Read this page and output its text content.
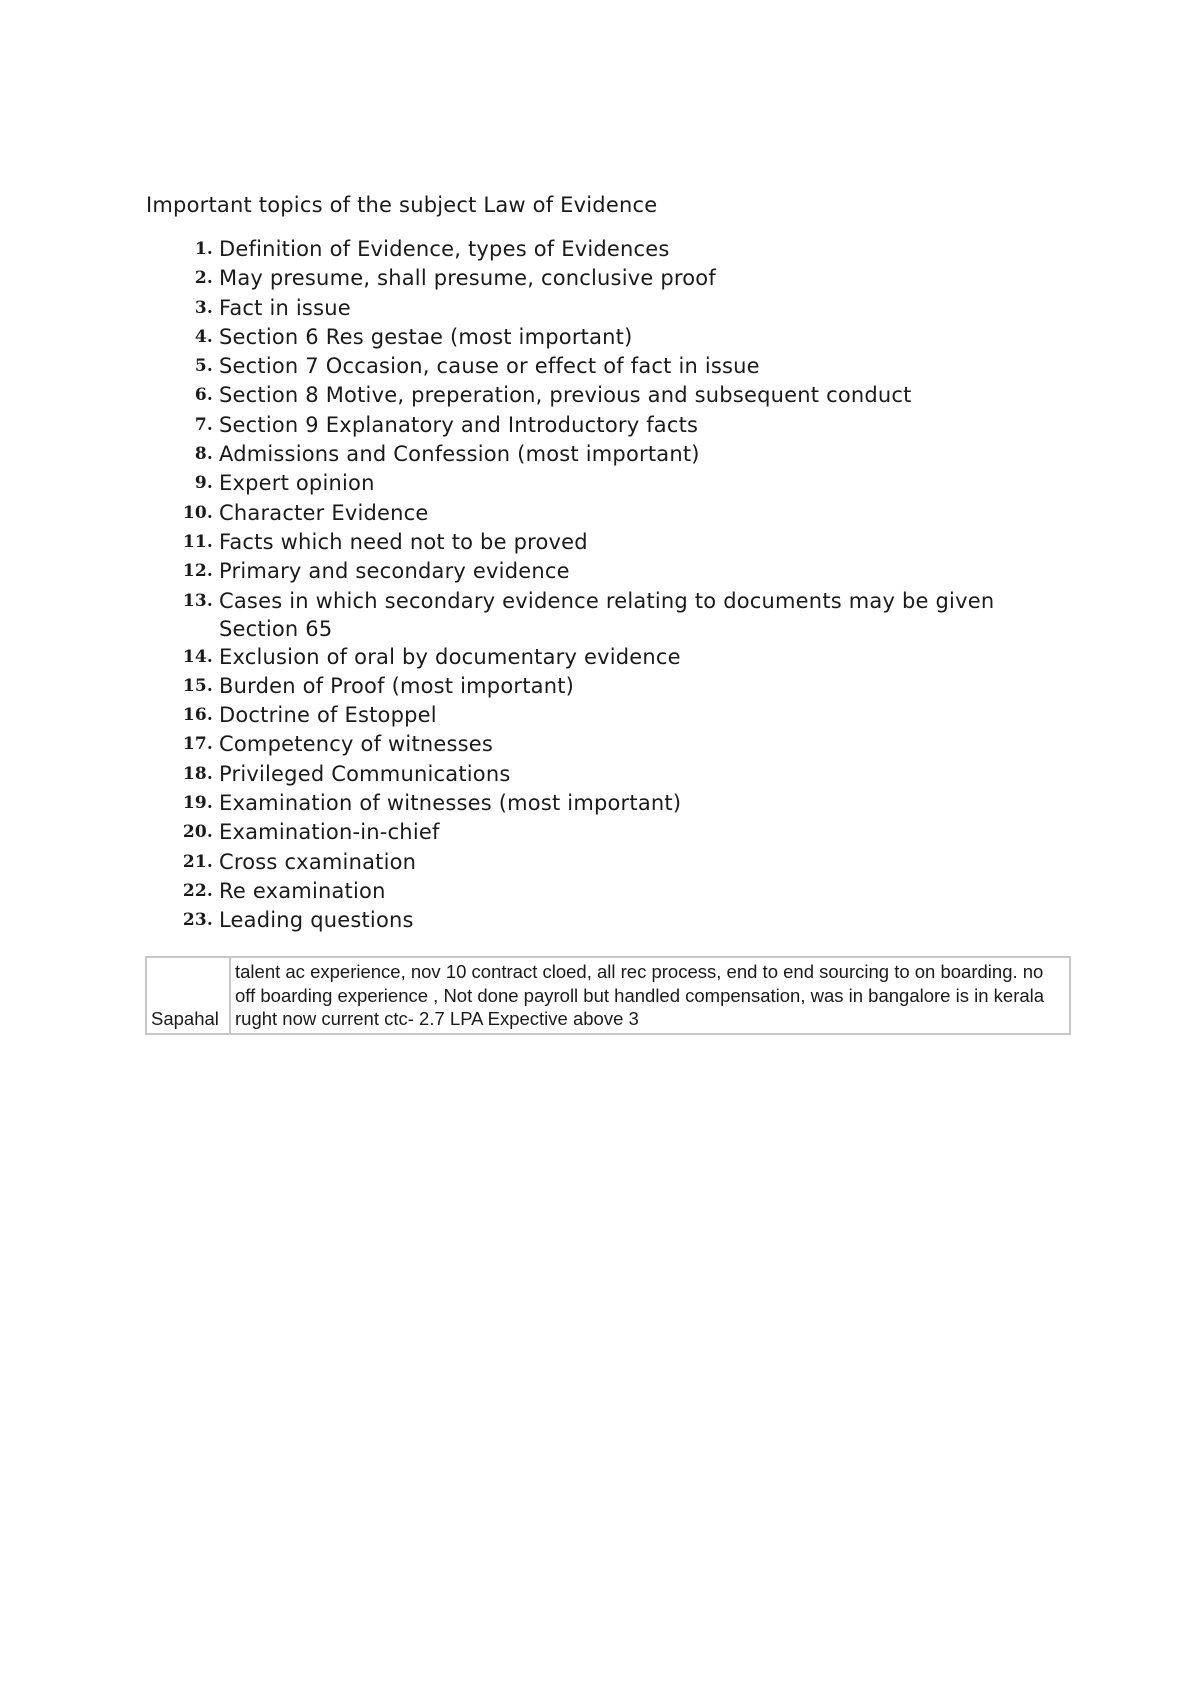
Important topics of the subject Law of Evidence
1. Definition of Evidence, types of Evidences
2. May presume, shall presume, conclusive proof
3. Fact in issue
4. Section 6 Res gestae (most important)
5. Section 7 Occasion, cause or effect of fact in issue
6. Section 8 Motive, preperation, previous and subsequent conduct
7. Section 9 Explanatory and Introductory facts
8. Admissions and Confession (most important)
9. Expert opinion
10. Character Evidence
11. Facts which need not to be proved
12. Primary and secondary evidence
13. Cases in which secondary evidence relating to documents may be given Section 65
14. Exclusion of oral by documentary evidence
15. Burden of Proof (most important)
16. Doctrine of Estoppel
17. Competency of witnesses
18. Privileged Communications
19. Examination of witnesses (most important)
20. Examination-in-chief
21. Cross cxamination
22. Re examination
23. Leading questions
Sapahal	talent ac experience, nov 10 contract cloed, all rec process, end to end sourcing to on boarding. no off boarding experience , Not done payroll but handled compensation, was in bangalore is in kerala rught now current ctc- 2.7 LPA Expective above 3
